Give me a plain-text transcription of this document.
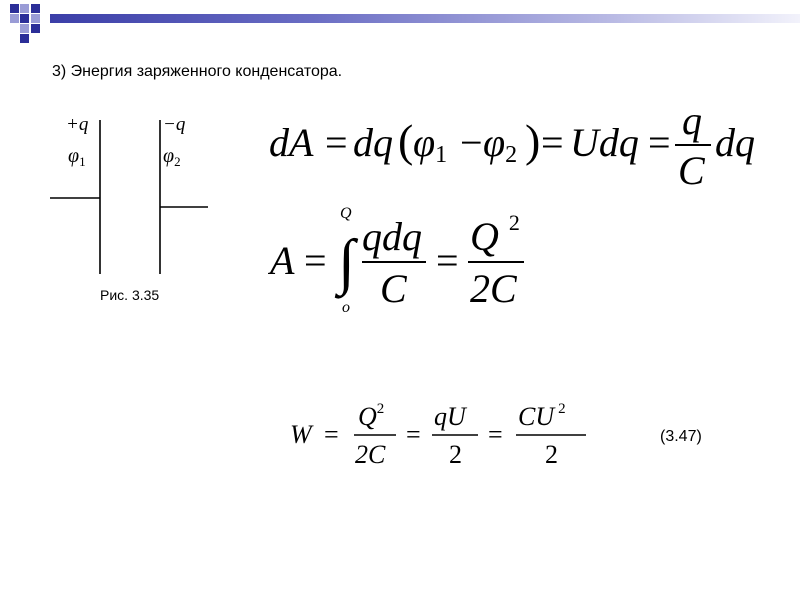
3) Энергия заряженного конденсатора.
+q
$\varphi_1$
−q
$\varphi_2$
Рис. 3.35
dA = dq ( φ1 − φ2 ) = Udq = q
C
dq
A =
Q
∫
o
qdq
C
=
Q $^2$
2C
W =
$Q^2$
2C
=
qU
2
=
CU $^2$
2
(3.47)
